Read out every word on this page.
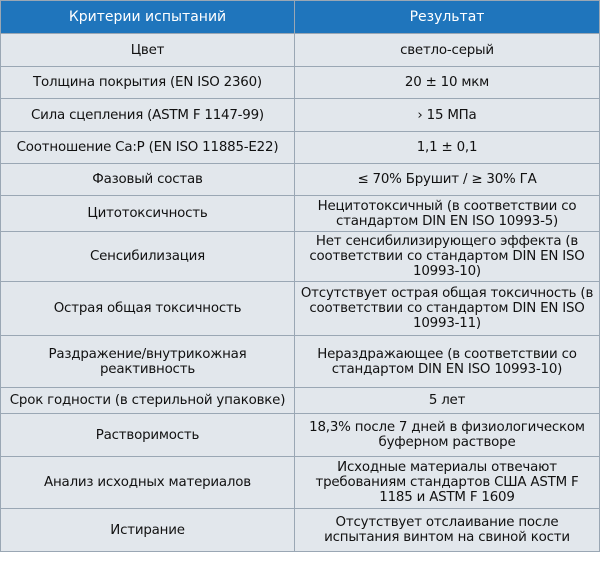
Критерии испытаний	Результат
Цвет	светло-серый
Толщина покрытия (EN ISO 2360)	20 ± 10 мкм
Сила сцепления (ASTM F 1147-99)	› 15 МПа
Соотношение Са:Р (EN ISO 11885-E22)	1,1 ± 0,1
Фазовый состав	≤ 70% Брушит / ≥ 30% ГА
Цитотоксичность	Нецитотоксичный (в соответствии со стандартом DIN EN ISO 10993-5)
Сенсибилизация	Нет сенсибилизирующего эффекта (в соответствии со стандартом DIN EN ISO 10993-10)
Острая общая токсичность	Отсутствует острая общая токсичность (в соответствии со стандартом DIN EN ISO 10993-11)
Раздражение/внутрикожная реактивность	Нераздражающее (в соответствии со стандартом DIN EN ISO 10993-10)
Срок годности (в стерильной упаковке)	5 лет
Растворимость	18,3% после 7 дней в физиологическом буферном растворе
Анализ исходных материалов	Исходные материалы отвечают требованиям стандартов США ASTM F 1185 и ASTM F 1609
Истирание	Отсутствует отслаивание после испытания винтом на свиной кости
